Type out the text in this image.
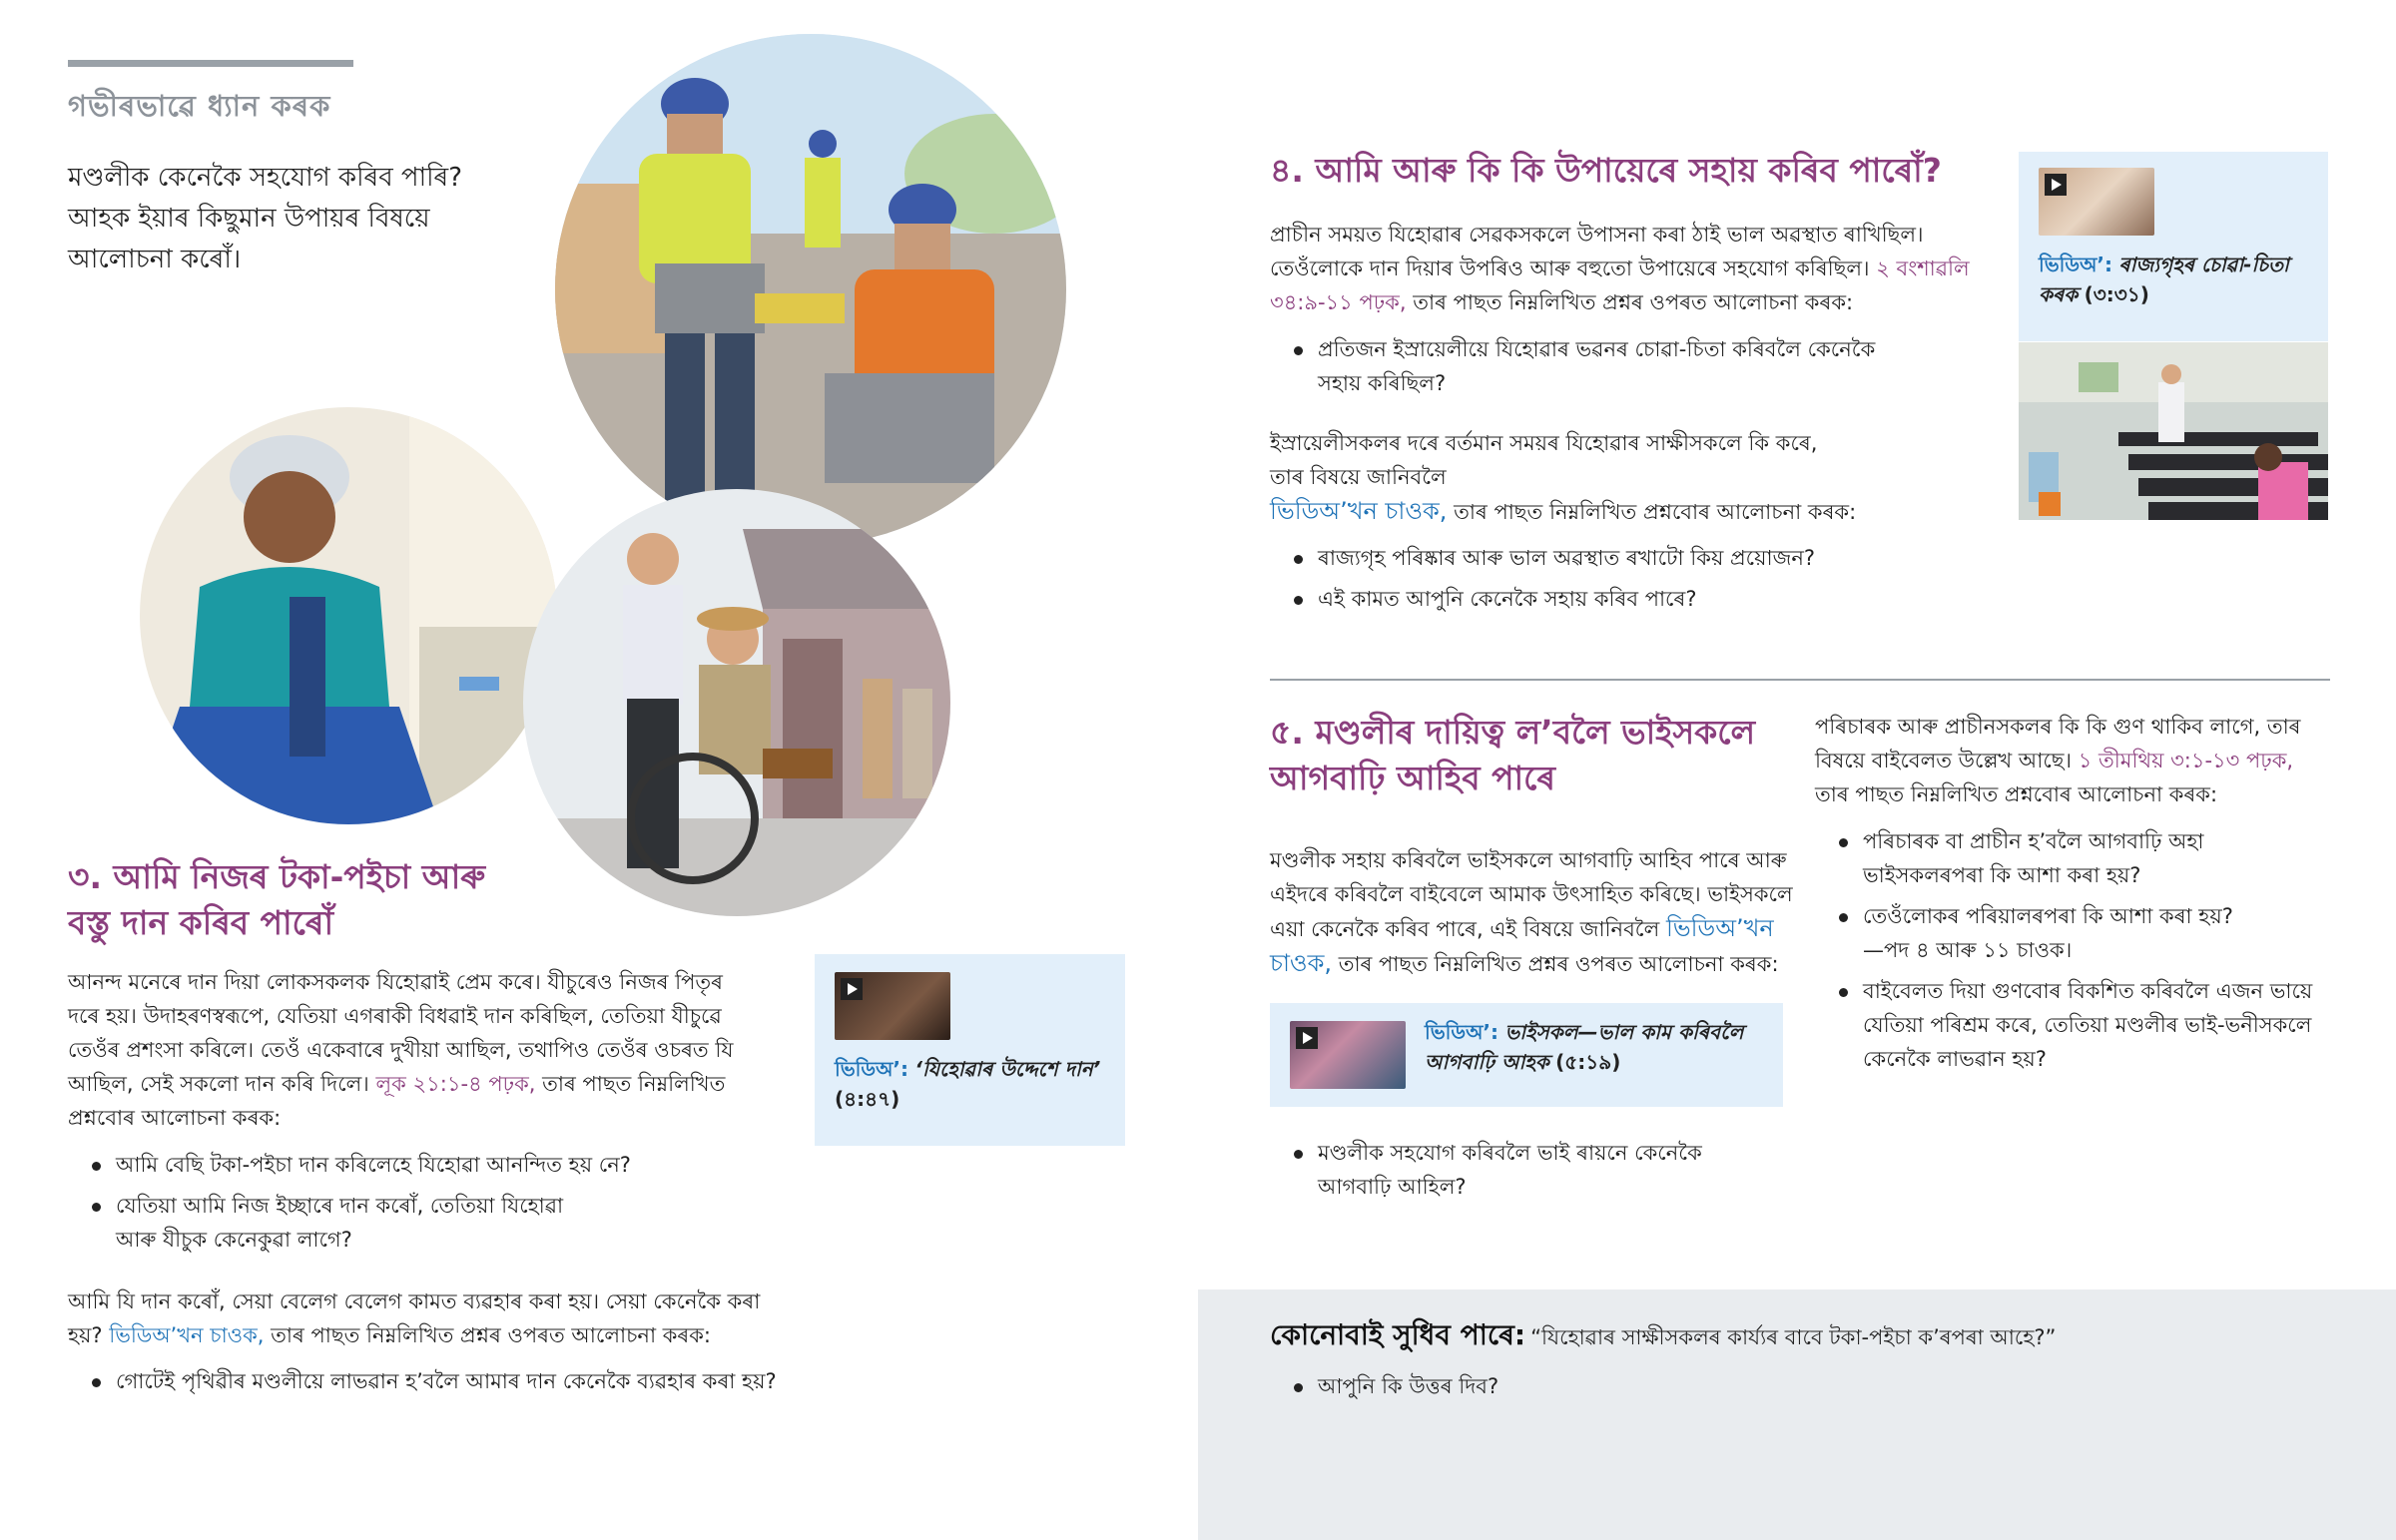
গভীৰভাৱে ধ্যান কৰক
মণ্ডলীক কেনেকৈ সহযোগ কৰিব পাৰি?
আহক ইয়াৰ কিছুমান উপায়ৰ বিষয়ে
আলোচনা কৰোঁ।
৩. আমি নিজৰ টকা-পইচা আৰু
বস্তু দান কৰিব পাৰোঁ
আনন্দ মনেৰে দান দিয়া লোকসকলক যিহোৱাই প্ৰেম কৰে। যীচুৰেও নিজৰ পিতৃৰ
দৰে হয়। উদাহৰণস্বৰূপে, যেতিয়া এগৰাকী বিধৱাই দান কৰিছিল, তেতিয়া যীচুৱে
তেওঁৰ প্ৰশংসা কৰিলে। তেওঁ একেবাৰে দুখীয়া আছিল, তথাপিও তেওঁৰ ওচৰত যি
আছিল, সেই সকলো দান কৰি দিলে। লূক ২১:১-৪ পঢ়ক, তাৰ পাছত নিম্নলিখিত
প্ৰশ্নবোৰ আলোচনা কৰক:
আমি বেছি টকা-পইচা দান কৰিলেহে যিহোৱা আনন্দিত হয় নে?
যেতিয়া আমি নিজ ইচ্ছাৰে দান কৰোঁ, তেতিয়া যিহোৱা
আৰু যীচুক কেনেকুৱা লাগে?
আমি যি দান কৰোঁ, সেয়া বেলেগ বেলেগ কামত ব্যৱহাৰ কৰা হয়। সেয়া কেনেকৈ কৰা
হয়? ভিডিঅ’খন চাওক, তাৰ পাছত নিম্নলিখিত প্ৰশ্নৰ ওপৰত আলোচনা কৰক:
গোটেই পৃথিৱীৰ মণ্ডলীয়ে লাভৱান হ’বলৈ আমাৰ দান কেনেকৈ ব্যৱহাৰ কৰা হয়?
ভিডিঅ’: ‘যিহোৱাৰ উদ্দেশে দান’
(৪:৪৭)
৪. আমি আৰু কি কি উপায়েৰে সহায় কৰিব পাৰোঁ?
প্ৰাচীন সময়ত যিহোৱাৰ সেৱকসকলে উপাসনা কৰা ঠাই ভাল অৱস্থাত ৰাখিছিল।
তেওঁলোকে দান দিয়াৰ উপৰিও আৰু বহুতো উপায়েৰে সহযোগ কৰিছিল। ২ বংশাৱলি
৩৪:৯-১১ পঢ়ক, তাৰ পাছত নিম্নলিখিত প্ৰশ্নৰ ওপৰত আলোচনা কৰক:
প্ৰতিজন ইস্ৰায়েলীয়ে যিহোৱাৰ ভৱনৰ চোৱা-চিতা কৰিবলৈ কেনেকৈ
সহায় কৰিছিল?
ইস্ৰায়েলীসকলৰ দৰে বৰ্তমান সময়ৰ যিহোৱাৰ সাক্ষীসকলে কি কৰে,
তাৰ বিষয়ে জানিবলৈ
ভিডিঅ’খন চাওক, তাৰ পাছত নিম্নলিখিত প্ৰশ্নবোৰ আলোচনা কৰক:
ৰাজ্যগৃহ পৰিষ্কাৰ আৰু ভাল অৱস্থাত ৰখাটো কিয় প্ৰয়োজন?
এই কামত আপুনি কেনেকৈ সহায় কৰিব পাৰে?
ভিডিঅ’: ৰাজ্যগৃহৰ চোৱা-চিতা
কৰক (৩:৩১)
৫. মণ্ডলীৰ দায়িত্ব ল’বলৈ ভাইসকলে
আগবাঢ়ি আহিব পাৰে
মণ্ডলীক সহায় কৰিবলৈ ভাইসকলে আগবাঢ়ি আহিব পাৰে আৰু
এইদৰে কৰিবলৈ বাইবেলে আমাক উৎসাহিত কৰিছে। ভাইসকলে
এয়া কেনেকৈ কৰিব পাৰে, এই বিষয়ে জানিবলৈ ভিডিঅ’খন
চাওক, তাৰ পাছত নিম্নলিখিত প্ৰশ্নৰ ওপৰত আলোচনা কৰক:
ভিডিঅ’: ভাইসকল—ভাল কাম কৰিবলৈ
আগবাঢ়ি আহক (৫:১৯)
মণ্ডলীক সহযোগ কৰিবলৈ ভাই ৰায়নে কেনেকৈ
আগবাঢ়ি আহিল?
পৰিচাৰক আৰু প্ৰাচীনসকলৰ কি কি গুণ থাকিব লাগে, তাৰ
বিষয়ে বাইবেলত উল্লেখ আছে। ১ তীমথিয় ৩:১-১৩ পঢ়ক,
তাৰ পাছত নিম্নলিখিত প্ৰশ্নবোৰ আলোচনা কৰক:
পৰিচাৰক বা প্ৰাচীন হ’বলৈ আগবাঢ়ি অহা
ভাইসকলৰপৰা কি আশা কৰা হয়?
তেওঁলোকৰ পৰিয়ালৰপৰা কি আশা কৰা হয়?
—পদ ৪ আৰু ১১ চাওক।
বাইবেলত দিয়া গুণবোৰ বিকশিত কৰিবলৈ এজন ভায়ে
যেতিয়া পৰিশ্ৰম কৰে, তেতিয়া মণ্ডলীৰ ভাই-ভনীসকলে
কেনেকৈ লাভৱান হয়?
কোনোবাই সুধিব পাৰে: “যিহোৱাৰ সাক্ষীসকলৰ কাৰ্য্যৰ বাবে টকা-পইচা ক’ৰপৰা আহে?”
আপুনি কি উত্তৰ দিব?
